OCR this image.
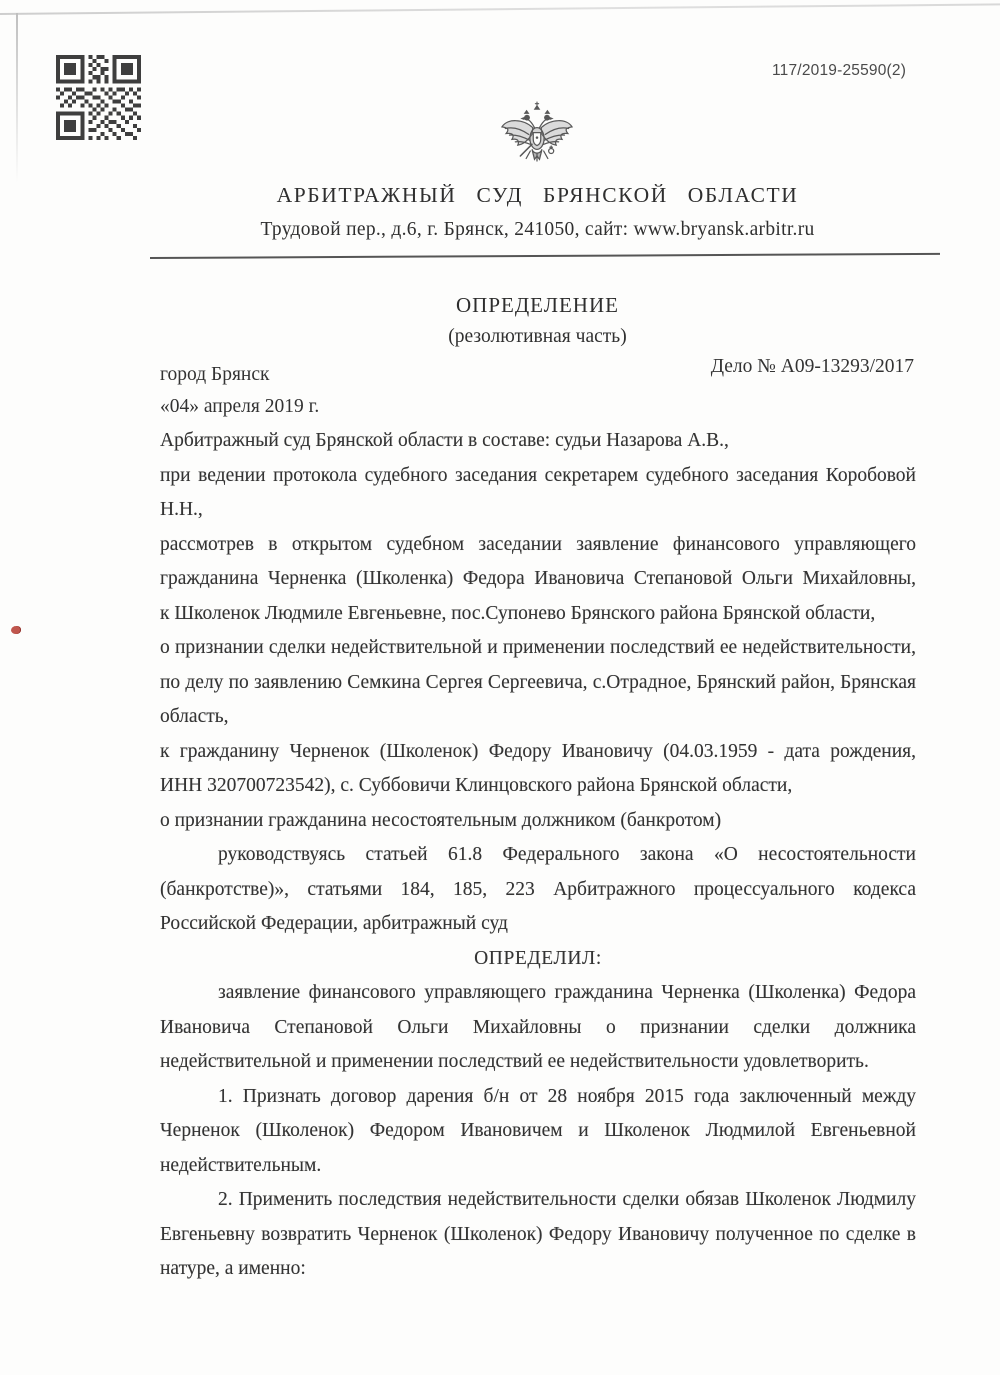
117/2019-25590(2)
АРБИТРАЖНЫЙ СУД БРЯНСКОЙ ОБЛАСТИ
Трудовой пер., д.6, г. Брянск, 241050, сайт: www.bryansk.arbitr.ru
ОПРЕДЕЛЕНИЕ
(резолютивная часть)
город Брянск	Дело № А09-13293/2017
«04» апреля 2019 г.
Арбитражный суд Брянской области в составе: судьи Назарова А.В.,
при ведении протокола судебного заседания секретарем судебного заседания Коробовой
Н.Н.,
рассмотрев в открытом судебном заседании заявление финансового управляющего
гражданина Черненка (Школенка) Федора Ивановича Степановой Ольги Михайловны,
к Школенок Людмиле Евгеньевне, пос.Супонево Брянского района Брянской области,
о признании сделки недействительной и применении последствий ее недействительности,
по делу по заявлению Семкина Сергея Сергеевича, с.Отрадное, Брянский район, Брянская
область,
к гражданину Черненок (Школенок) Федору Ивановичу (04.03.1959 - дата рождения,
ИНН 320700723542), с. Суббовичи Клинцовского района Брянской области,
о признании гражданина несостоятельным должником (банкротом)
руководствуясь статьей 61.8 Федерального закона «О несостоятельности
(банкротстве)», статьями 184, 185, 223 Арбитражного процессуального кодекса
Российской Федерации, арбитражный суд
ОПРЕДЕЛИЛ:
заявление финансового управляющего гражданина Черненка (Школенка) Федора
Ивановича Степановой Ольги Михайловны о признании сделки должника
недействительной и применении последствий ее недействительности удовлетворить.
1. Признать договор дарения б/н от 28 ноября 2015 года заключенный между
Черненок (Школенок) Федором Ивановичем и Школенок Людмилой Евгеньевной
недействительным.
2. Применить последствия недействительности сделки обязав Школенок Людмилу
Евгеньевну возвратить Черненок (Школенок) Федору Ивановичу полученное по сделке в
натуре, а именно:
